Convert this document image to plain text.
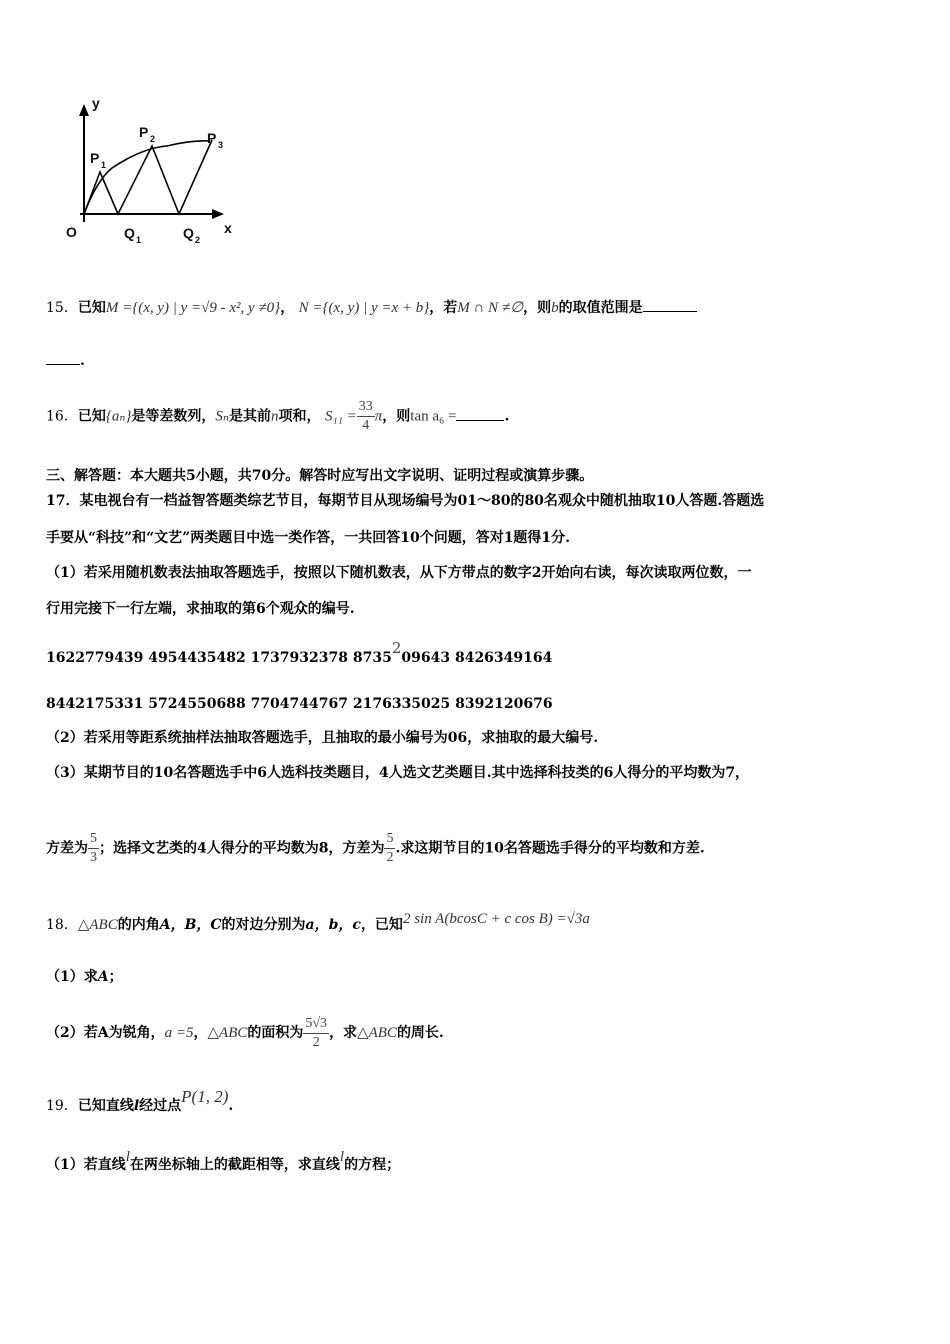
y
x
O
P 1
P 2	P 3
Q 1	Q 2
15．已知M ={(x, y) | y =√9 - x², y ≠0}， N ={(x, y) | y =x + b}，若M ∩ N ≠∅，则b的取值范围是
.
16．已知{aₙ}是等差数列，Sₙ是其前n项和， $S_{11} = \frac{33}{4}$ π，则tan a₆ =	.
三、解答题：本大题共5小题，共70分。解答时应写出文字说明、证明过程或演算步骤。
17．某电视台有一档益智答题类综艺节目，每期节目从现场编号为01～80的80名观众中随机抽取10人答题.答题选
手要从“科技”和“文艺”两类题目中选一类作答，一共回答10个问题，答对1题得1分.
（1）若采用随机数表法抽取答题选手，按照以下随机数表，从下方带点的数字2开始向右读，每次读取两位数，一
行用完接下一行左端，求抽取的第6个观众的编号.
1622779439 4954435482 1737932378 8735209643 8426349164
8442175331 5724550688 7704744767 2176335025 8392120676
（2）若采用等距系统抽样法抽取答题选手，且抽取的最小编号为06，求抽取的最大编号.
（3）某期节目的10名答题选手中6人选科技类题目，4人选文艺类题目.其中选择科技类的6人得分的平均数为7，
方差为 $\frac{5}{3}$ ；选择文艺类的4人得分的平均数为8，方差为 $\frac{5}{2}$ .求这期节目的10名答题选手得分的平均数和方差.
18．△ABC的内角A，B，C的对边分别为a，b，c，已知2 sin A(bcosC + c cos B) =√3a
（1）求A；
（2）若A为锐角，a =5，△ABC的面积为 $\frac{5√3}{2}$ ，求△ABC的周长.
19．已知直线l经过点P(1, 2).
（1）若直线l在两坐标轴上的截距相等，求直线l的方程；
